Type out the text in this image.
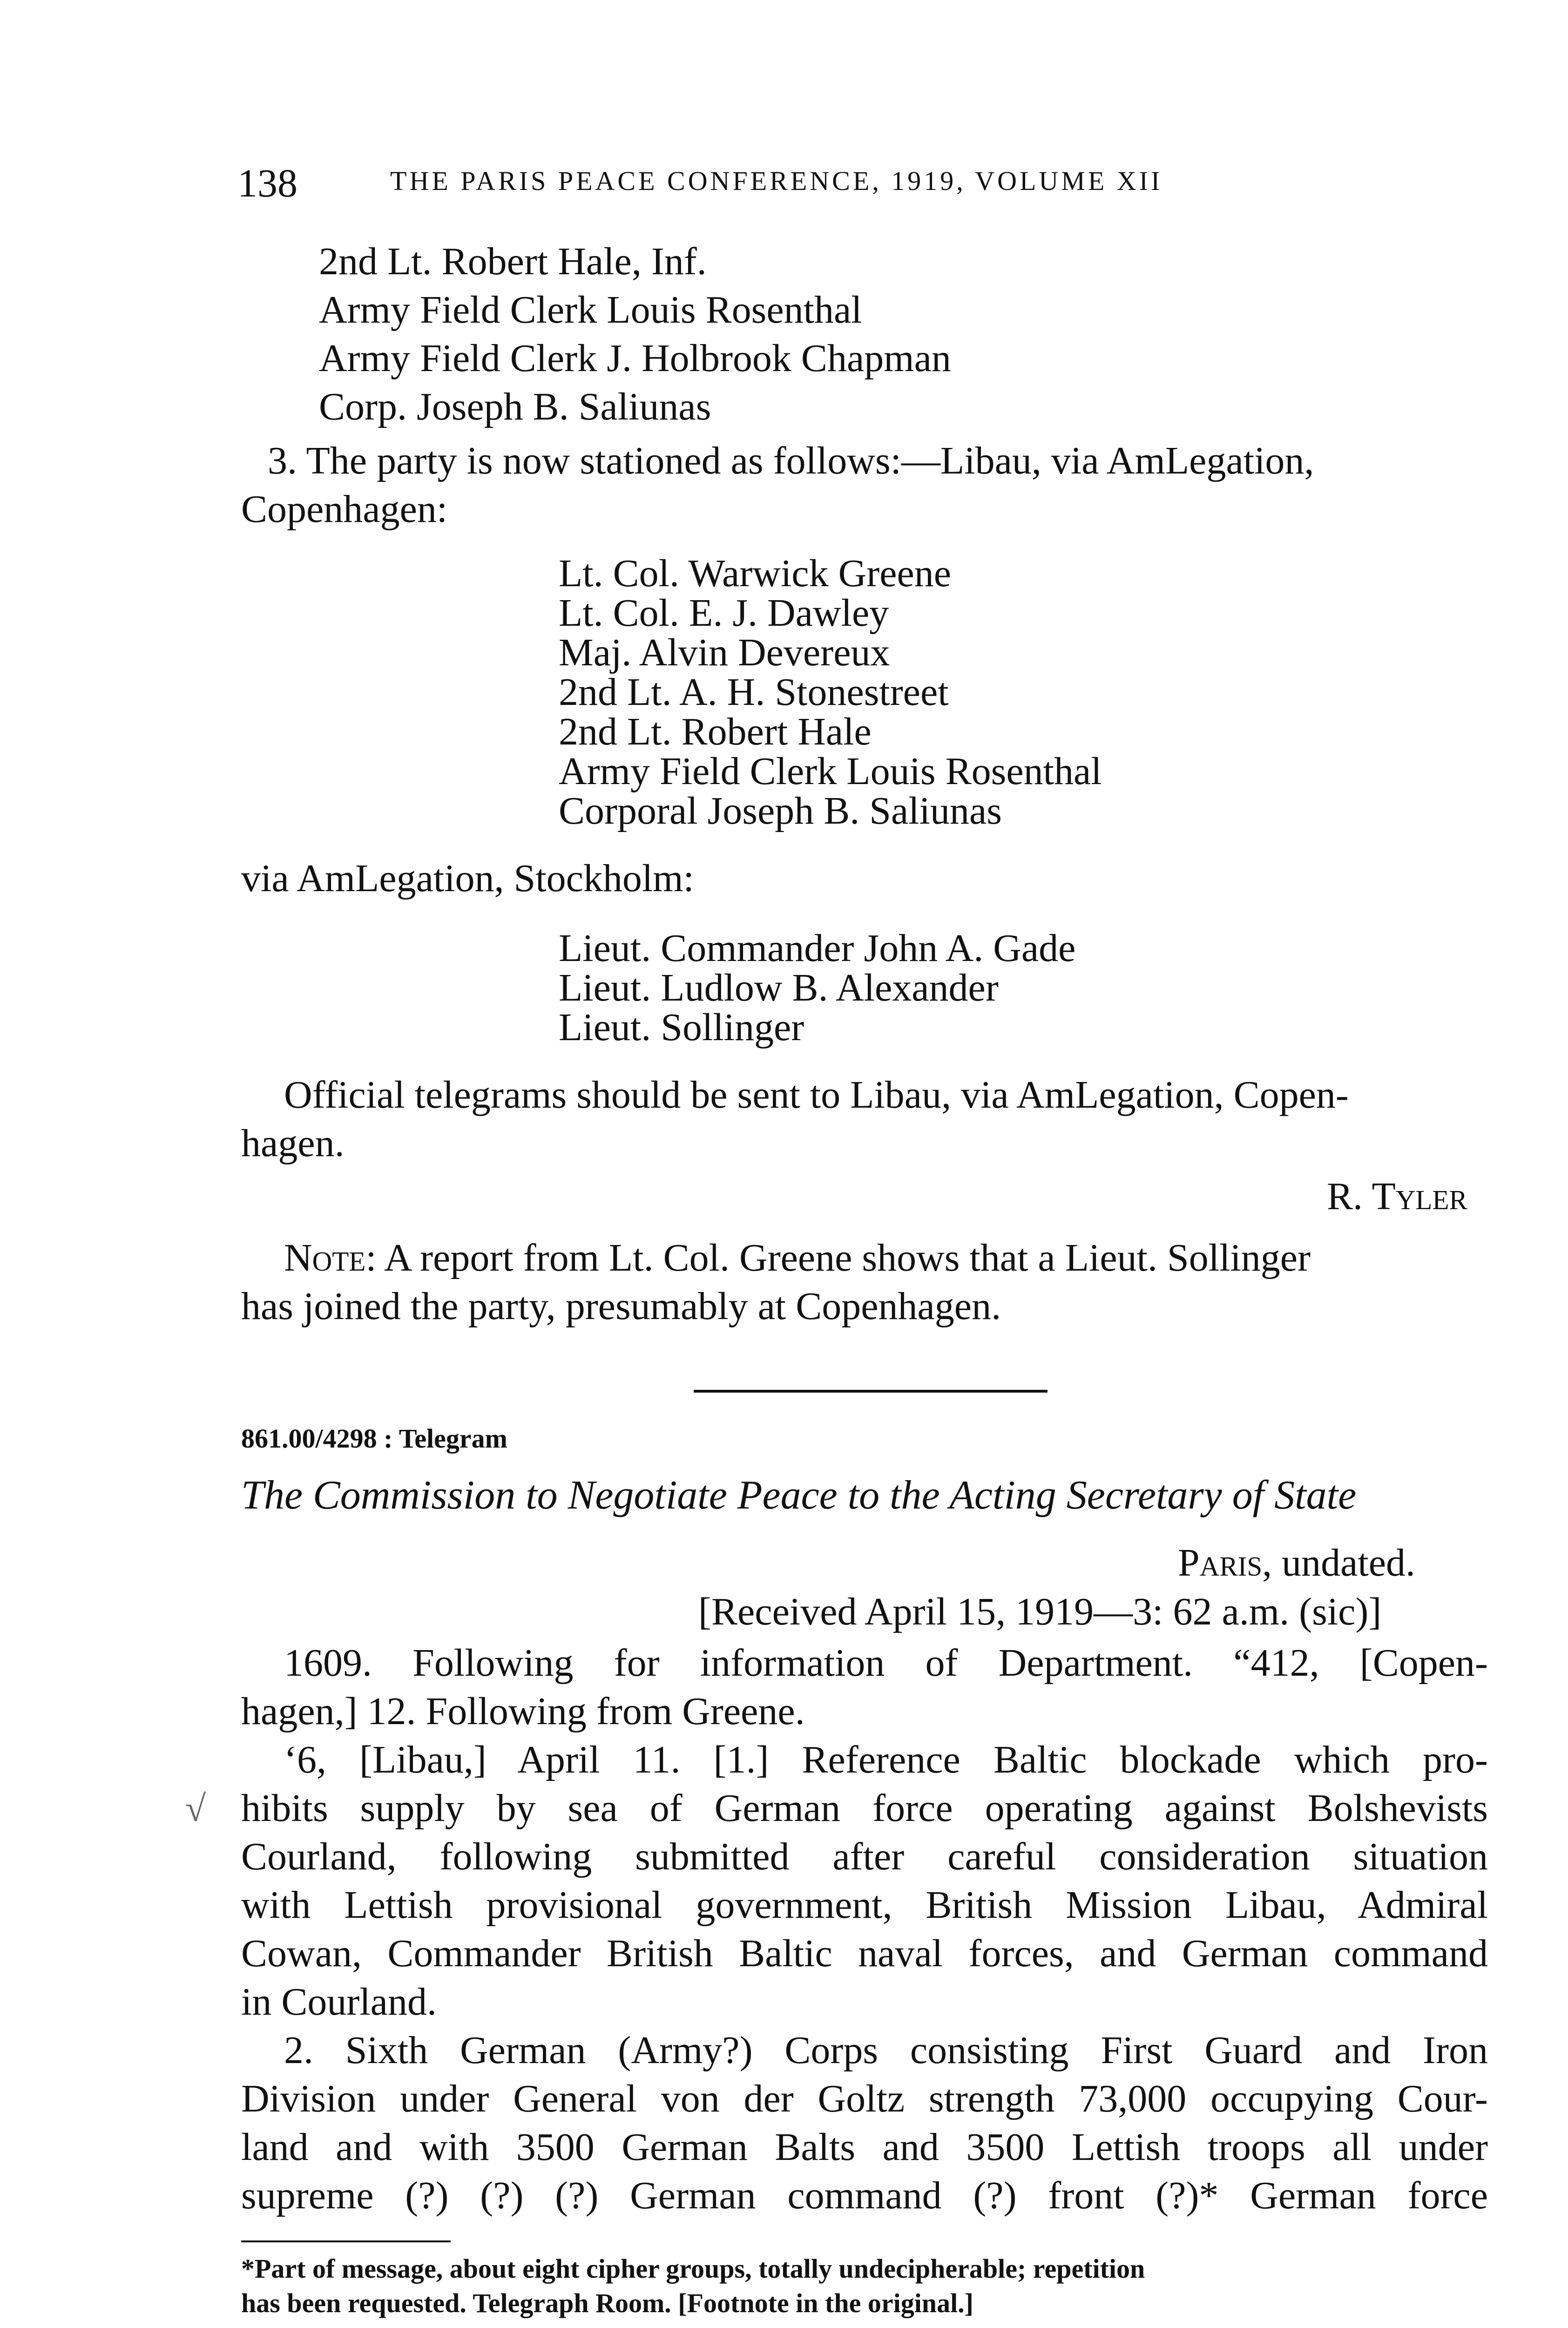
138	THE PARIS PEACE CONFERENCE, 1919, VOLUME XII
2nd Lt. Robert Hale, Inf.
Army Field Clerk Louis Rosenthal
Army Field Clerk J. Holbrook Chapman
Corp. Joseph B. Saliunas
3. The party is now stationed as follows:—Libau, via AmLegation,
Copenhagen:
Lt. Col. Warwick Greene
Lt. Col. E. J. Dawley
Maj. Alvin Devereux
2nd Lt. A. H. Stonestreet
2nd Lt. Robert Hale
Army Field Clerk Louis Rosenthal
Corporal Joseph B. Saliunas
via AmLegation, Stockholm:
Lieut. Commander John A. Gade
Lieut. Ludlow B. Alexander
Lieut. Sollinger
Official telegrams should be sent to Libau, via AmLegation, Copen-
hagen.
R. Tyler
Note: A report from Lt. Col. Greene shows that a Lieut. Sollinger
has joined the party, presumably at Copenhagen.
861.00/4298 : Telegram
The Commission to Negotiate Peace to the Acting Secretary of State
Paris, undated.
[Received April 15, 1919—3: 62 a.m. (sic)]
1609. Following for information of Department. “412, [Copen-
hagen,] 12. Following from Greene.
‘6, [Libau,] April 11. [1.] Reference Baltic blockade which pro-
hibits supply by sea of German force operating against Bolshevists
Courland, following submitted after careful consideration situation
with Lettish provisional government, British Mission Libau, Admiral
Cowan, Commander British Baltic naval forces, and German command
in Courland.
2. Sixth German (Army?) Corps consisting First Guard and Iron
Division under General von der Goltz strength 73,000 occupying Cour-
land and with 3500 German Balts and 3500 Lettish troops all under
supreme (?) (?) (?) German command (?) front (?)* German force
√
*Part of message, about eight cipher groups, totally undecipherable; repetition
has been requested. Telegraph Room. [Footnote in the original.]
